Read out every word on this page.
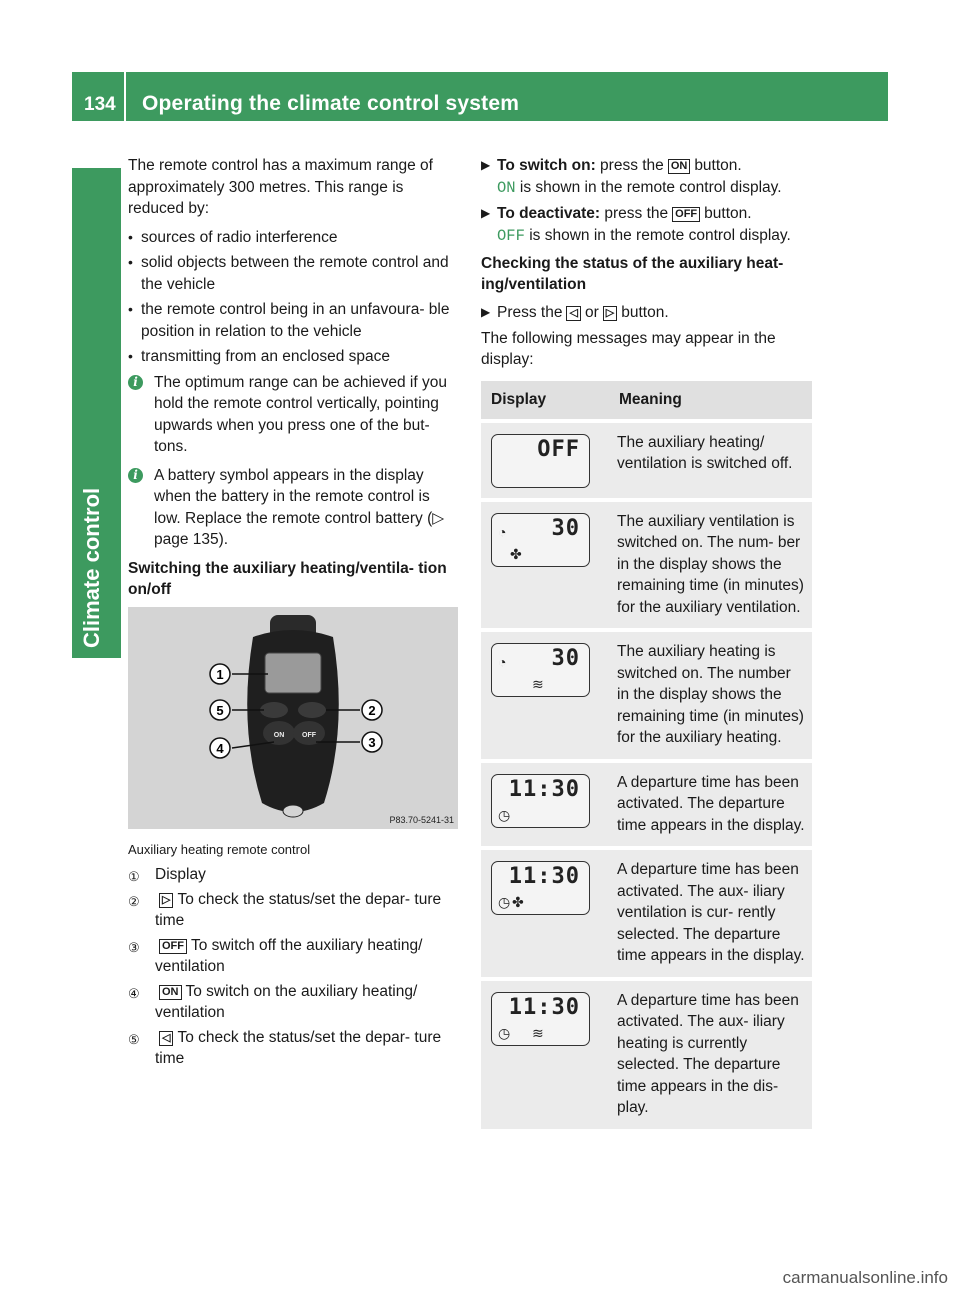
134 Operating the climate control system
Climate control

The remote control has a maximum range of approximately 300 metres. This range is reduced by:

• sources of radio interference
• solid objects between the remote control and the vehicle
• the remote control being in an unfavoura- ble position in relation to the vehicle
• transmitting from an enclosed space
i	The optimum range can be achieved if you hold the remote control vertically, pointing upwards when you press one of the but- tons.
i	A battery symbol appears in the display when the battery in the remote control is low. Replace the remote control battery (▷ page 135).
Switching the auxiliary heating/ventila- tion on/off
ON	OFF
1
2
3
4
5
P83.70-5241-31
Auxiliary heating remote control
① Display
② ▷ To check the status/set the depar- ture time
③ OFF To switch off the auxiliary heating/ ventilation
④ ON To switch on the auxiliary heating/ ventilation
⑤ ◁ To check the status/set the depar- ture time
▶ To switch on: press the ON button.
ON is shown in the remote control display.
▶ To deactivate: press the OFF button.
OFF is shown in the remote control display.
Checking the status of the auxiliary heat- ing/ventilation
▶ Press the ◁ or ▷ button.

The following messages may appear in the display:

Display	Meaning

OFF	The auxiliary heating/ ventilation is switched off.

◔ 30
✤	The auxiliary ventilation is switched on. The num- ber in the display shows the remaining time (in minutes) for the auxiliary ventilation.

◔ 30
≋	The auxiliary heating is switched on. The number in the display shows the remaining time (in minutes) for the auxiliary heating.

11:30
◷	A departure time has been activated. The departure time appears in the display.

11:30
◷ ✤	A departure time has been activated. The aux- iliary ventilation is cur- rently selected. The departure time appears in the display.

11:30
◷ ≋	A departure time has been activated. The aux- iliary heating is currently selected. The departure time appears in the dis- play.
carmanualsonline.info
